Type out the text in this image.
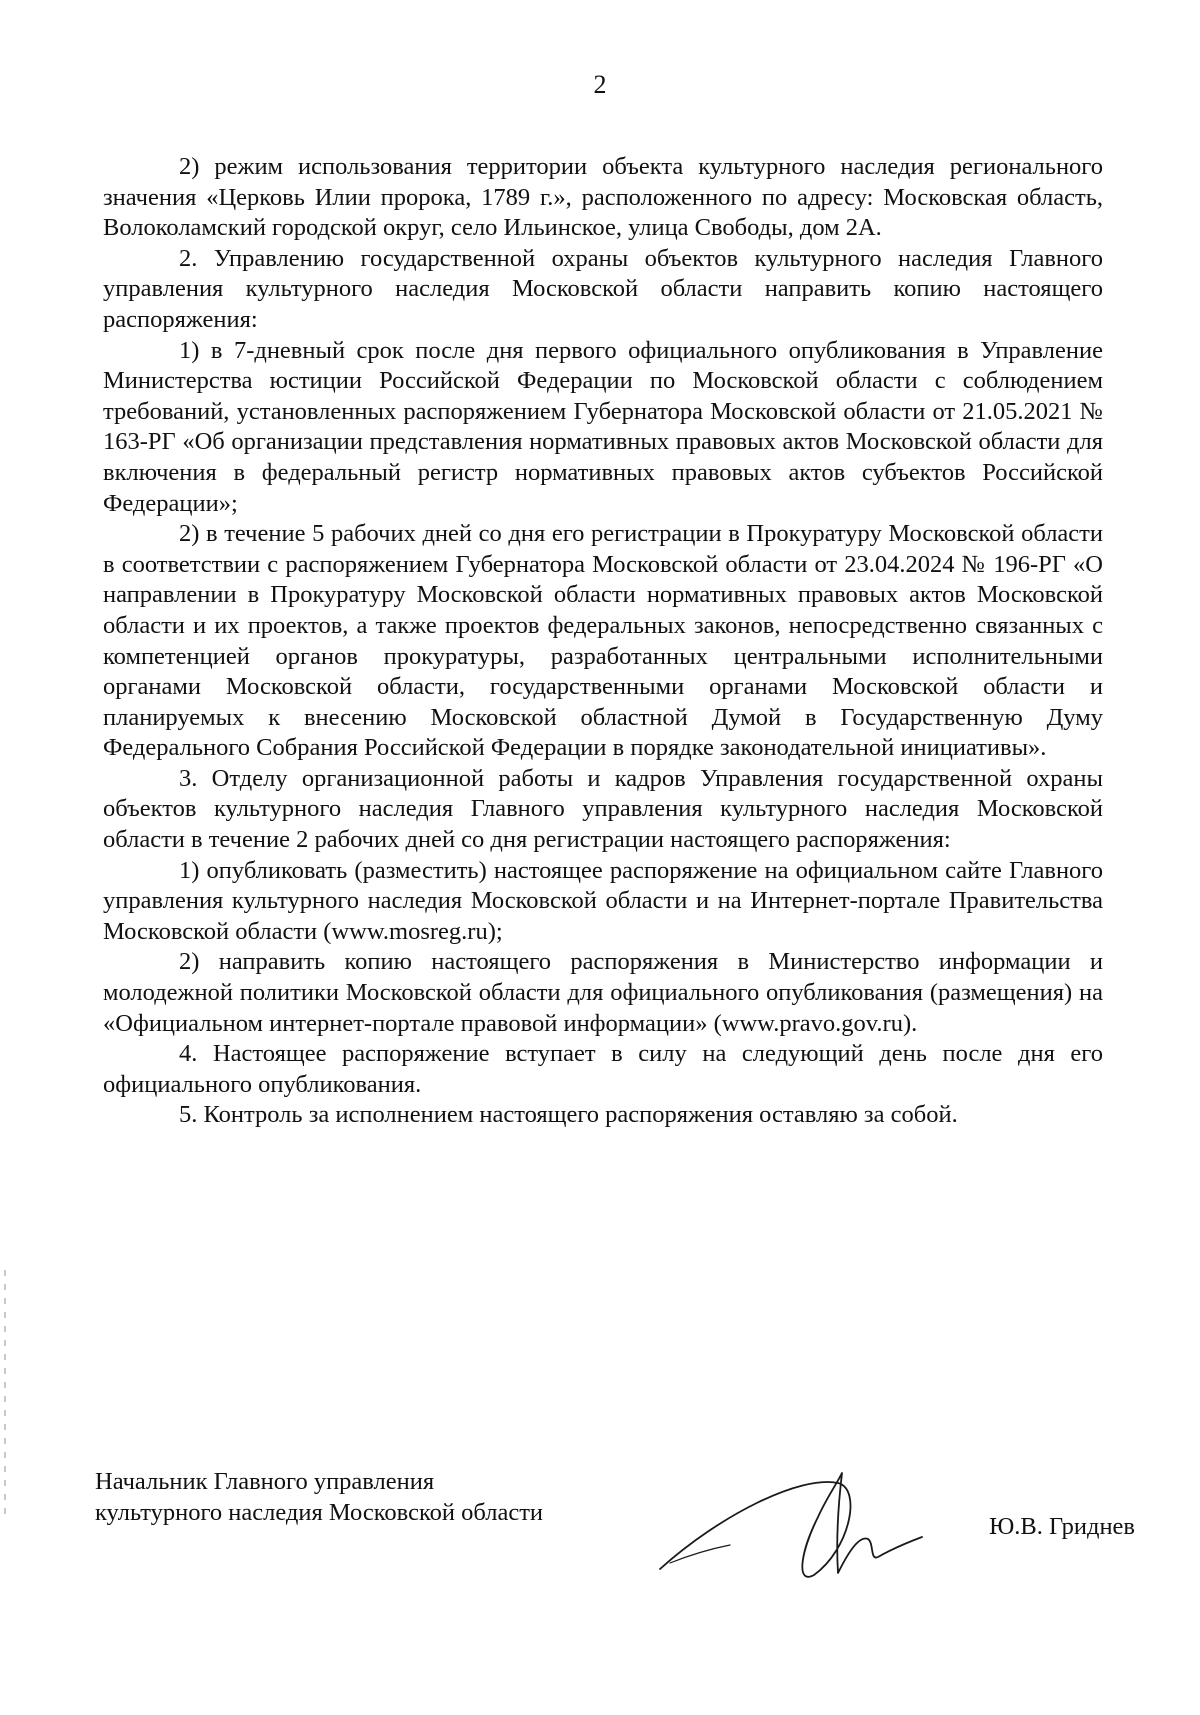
2

2) режим использования территории объекта культурного наследия регионального значения «Церковь Илии пророка, 1789 г.», расположенного по адресу: Московская область, Волоколамский городской округ, село Ильинское, улица Свободы, дом 2А.

2. Управлению государственной охраны объектов культурного наследия Главного управления культурного наследия Московской области направить копию настоящего распоряжения:

1) в 7-дневный срок после дня первого официального опубликования в Управление Министерства юстиции Российской Федерации по Московской области с соблюдением требований, установленных распоряжением Губернатора Московской области от 21.05.2021 № 163-РГ «Об организации представления нормативных правовых актов Московской области для включения в федеральный регистр нормативных правовых актов субъектов Российской Федерации»;

2) в течение 5 рабочих дней со дня его регистрации в Прокуратуру Московской области в соответствии с распоряжением Губернатора Московской области от 23.04.2024 № 196-РГ «О направлении в Прокуратуру Московской области нормативных правовых актов Московской области и их проектов, а также проектов федеральных законов, непосредственно связанных с компетенцией органов прокуратуры, разработанных центральными исполнительными органами Московской области, государственными органами Московской области и планируемых к внесению Московской областной Думой в Государственную Думу Федерального Собрания Российской Федерации в порядке законодательной инициативы».

3. Отделу организационной работы и кадров Управления государственной охраны объектов культурного наследия Главного управления культурного наследия Московской области в течение 2 рабочих дней со дня регистрации настоящего распоряжения:

1) опубликовать (разместить) настоящее распоряжение на официальном сайте Главного управления культурного наследия Московской области и на Интернет-портале Правительства Московской области (www.mosreg.ru);

2) направить копию настоящего распоряжения в Министерство информации и молодежной политики Московской области для официального опубликования (размещения) на «Официальном интернет-портале правовой информации» (www.pravo.gov.ru).

4. Настоящее распоряжение вступает в силу на следующий день после дня его официального опубликования.

5. Контроль за исполнением настоящего распоряжения оставляю за собой.

Начальник Главного управления
культурного наследия Московской области
Ю.В. Гриднев
